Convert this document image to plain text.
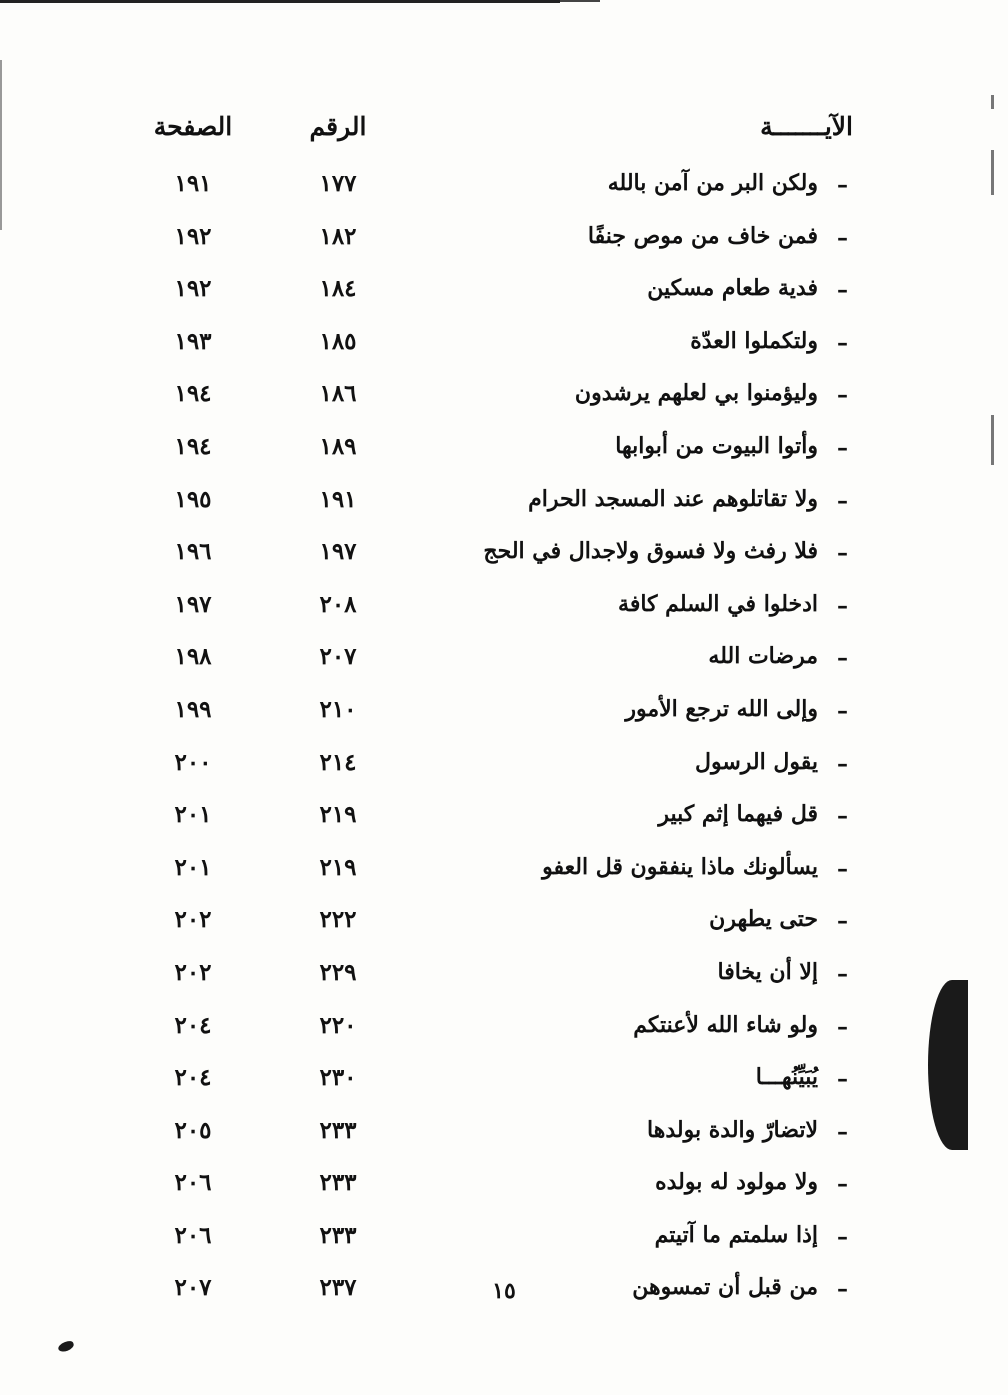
الآيـــــــة
الرقم
الصفحة
–
ولكن البر من آمن بالله
١٧٧
١٩١
–
فمن خاف من موص جنفًا
١٨٢
١٩٢
–
فدية طعام مسكين
١٨٤
١٩٢
–
ولتكملوا العدّة
١٨٥
١٩٣
–
وليؤمنوا بي لعلهم يرشدون
١٨٦
١٩٤
–
وأتوا البيوت من أبوابها
١٨٩
١٩٤
–
ولا تقاتلوهم عند المسجد الحرام
١٩١
١٩٥
–
فلا رفث ولا فسوق ولاجدال في الحج
١٩٧
١٩٦
–
ادخلوا في السلم كافة
٢٠٨
١٩٧
–
مرضات الله
٢٠٧
١٩٨
–
وإلى الله ترجع الأمور
٢١٠
١٩٩
–
يقول الرسول
٢١٤
٢٠٠
–
قل فيهما إثم كبير
٢١٩
٢٠١
–
يسألونك ماذا ينفقون قل العفو
٢١٩
٢٠١
–
حتى يطهرن
٢٢٢
٢٠٢
–
إلا أن يخافا
٢٢٩
٢٠٢
–
ولو شاء الله لأعنتكم
٢٢٠
٢٠٤
–
يُبَيِّنُهـــا
٢٣٠
٢٠٤
–
لاتضارّ والدة بولدها
٢٣٣
٢٠٥
–
ولا مولود له بولده
٢٣٣
٢٠٦
–
إذا سلمتم ما آتيتم
٢٣٣
٢٠٦
–
من قبل أن تمسوهن
٢٣٧
٢٠٧	١٥
